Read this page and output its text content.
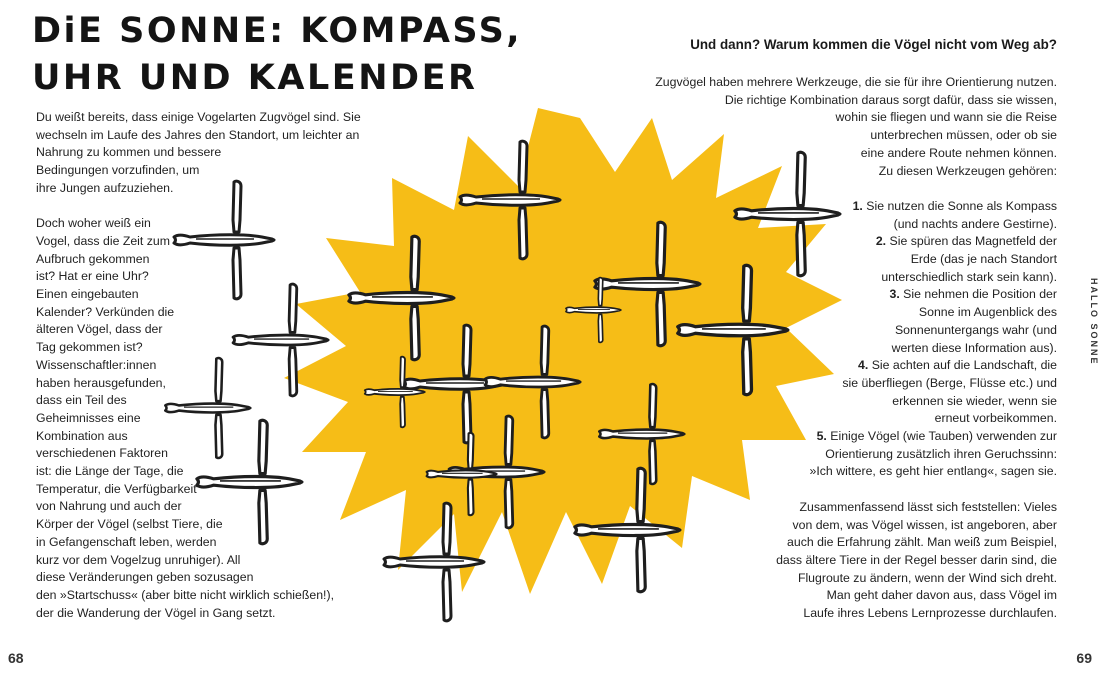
DiE SONNE: KOMPASS,
UHR UND KALENDER
Du weißt bereits, dass einige Vogelarten Zugvögel sind. Sie
wechseln im Laufe des Jahres den Standort, um leichter an
Nahrung zu kommen und bessere
Bedingungen vorzufinden, um
ihre Jungen aufzuziehen.
Doch woher weiß ein
Vogel, dass die Zeit zum
Aufbruch gekommen
ist? Hat er eine Uhr?
Einen eingebauten
Kalender? Verkünden die
älteren Vögel, dass der
Tag gekommen ist?
Wissenschaftler:innen
haben herausgefunden,
dass ein Teil des
Geheimnisses eine
Kombination aus
verschiedenen Faktoren
ist: die Länge der Tage, die
Temperatur, die Verfügbarkeit
von Nahrung und auch der
Körper der Vögel (selbst Tiere, die
in Gefangenschaft leben, werden
kurz vor dem Vogelzug unruhiger). All
diese Veränderungen geben sozusagen
den »Startschuss« (aber bitte nicht wirklich schießen!),
der die Wanderung der Vögel in Gang setzt.
Und dann? Warum kommen die Vögel nicht vom Weg ab?
Zugvögel haben mehrere Werkzeuge, die sie für ihre Orientierung nutzen.
Die richtige Kombination daraus sorgt dafür, dass sie wissen,
wohin sie fliegen und wann sie die Reise
unterbrechen müssen, oder ob sie
eine andere Route nehmen können.
Zu diesen Werkzeugen gehören:
1. Sie nutzen die Sonne als Kompass
(und nachts andere Gestirne).
2. Sie spüren das Magnetfeld der
Erde (das je nach Standort
unterschiedlich stark sein kann).
3. Sie nehmen die Position der
Sonne im Augenblick des
Sonnenuntergangs wahr (und
werten diese Information aus).
4. Sie achten auf die Landschaft, die
sie überfliegen (Berge, Flüsse etc.) und
erkennen sie wieder, wenn sie
erneut vorbeikommen.
5. Einige Vögel (wie Tauben) verwenden zur
Orientierung zusätzlich ihren Geruchssinn:
»Ich wittere, es geht hier entlang«, sagen sie.
Zusammenfassend lässt sich feststellen: Vieles
von dem, was Vögel wissen, ist angeboren, aber
auch die Erfahrung zählt. Man weiß zum Beispiel,
dass ältere Tiere in der Regel besser darin sind, die
Flugroute zu ändern, wenn der Wind sich dreht.
Man geht daher davon aus, dass Vögel im
Laufe ihres Lebens Lernprozesse durchlaufen.
HALLO SONNE
68	69
